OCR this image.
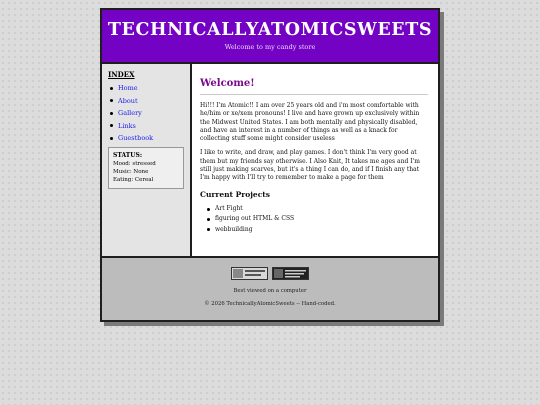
TECHNICALLYATOMICSWEETS
Welcome to my candy store
INDEX
Home
About
Gallery
Links
Guestbook
STATUS:
Mood: stressed
Music: None
Eating: Cereal
Welcome!
Hi!!! I'm Atomic!! I am over 25 years old and i'm most comfortable with he/him or xe/xem pronouns! I live and have grown up exclusively within the Midwest United States. I am both mentally and physically disabled, and have an interest in a number of things as well as a knack for collecting stuff some might consider useless
I like to write, and draw, and play games. I don't think I'm very good at them but my friends say otherwise. I Also Knit, It takes me ages and I'm still just making scarves, but it's a thing I can do, and if I finish any that I'm happy with I'll try to remember to make a page for them
Current Projects
Art Fight
figuring out HTML & CSS
webbuilding
Best viewed on a computer
© 2026 TechnicallyAtomicSweets -- Hand-coded.
